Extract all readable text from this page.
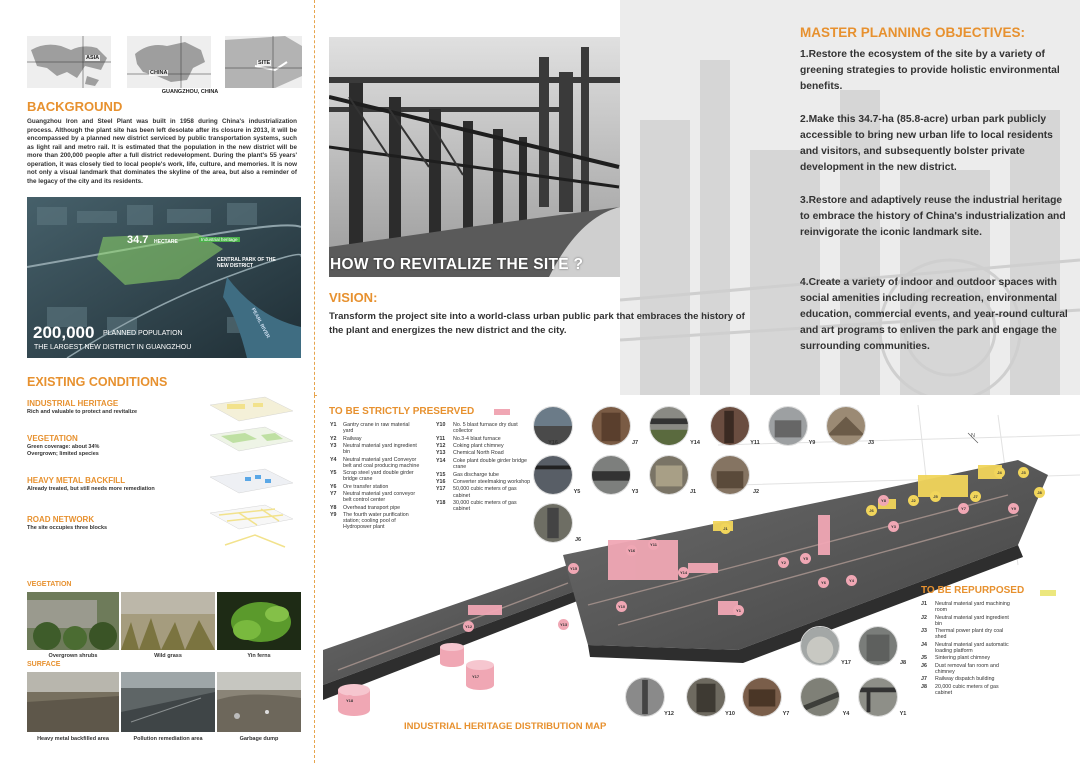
ASIA
CHINA
SITE
GUANGZHOU, CHINA
BACKGROUND
Guangzhou Iron and Steel Plant was built in 1958 during China's industrialization process. Although the plant site has been left desolate after its closure in 2013, it will be encompassed by a planned new district serviced by public transportation systems, such as light rail and metro rail. It is estimated that the population in the new district will be more than 200,000 people after a full district redevelopment. During the plant's 55 years' operation, it was closely tied to local people's work, life, culture, and memories. It is now not only a visual landmark that dominates the skyline of the area, but also a reminder of the legacy of the city and its residents.
34.7 HECTARE	Industrial heritage
CENTRAL PARK OF THE NEW DISTRICT
PEARL RIVER
200,000 PLANNED POPULATION
THE LARGEST NEW DISTRICT IN GUANGZHOU
EXISTING CONDITIONS
INDUSTRIAL HERITAGE
Rich and valuable to protect and revitalize
VEGETATION
Green coverage: about 34%
Overgrown; limited species
HEAVY METAL BACKFILL
Already treated, but still needs more remediation
ROAD NETWORK
The site occupies three blocks
VEGETATION
Overgrown shrubs	Wild grass	Yin ferns
SURFACE
Heavy metal backfilled area	Pollution remediation area	Garbage dump
HOW TO REVITALIZE THE SITE ?
VISION:
Transform the project site into a world-class urban public park that embraces the history of the plant and energizes the new district and the city.
MASTER PLANNING OBJECTIVES:
1.Restore the ecosystem of the site by a variety of greening strategies to provide holistic environmental benefits.
2.Make this 34.7-ha (85.8-acre) urban park publicly accessible to bring new urban life to local residents and visitors, and subsequently bolster private development in the new district.
3.Restore and adaptively reuse the industrial heritage to embrace the history of China's industrialization and reinvigorate the iconic landmark site.
4.Create a variety of indoor and outdoor spaces with social amenities including recreation, environmental education, commercial events, and year-round cultural and art programs to enliven the park and engage the surrounding communities.
TO BE STRICTLY PRESERVED
Y1	Gantry crane in raw material yard
Y2	Railway
Y3	Neutral material yard ingredient bin
Y4	Neutral material yard Conveyor belt and coal producing machine
Y5	Scrap steel yard double girder bridge crane
Y6	Ore transfer station
Y7	Neutral material yard conveyor belt control center
Y8	Overhead transport pipe
Y9	The fourth water purification station; cooling pool of Hydropower plant
Y10	No. 5 blast furnace dry dust collector
Y11	No.3-4 blast furnace
Y12	Coking plant chimney
Y13	Chemical North Road
Y14	Coke plant double girder bridge crane
Y15	Gas discharge tube
Y16	Converter steelmaking workshop
Y17	50,000 cubic meters of gas cabinet
Y18	30,000 cubic meters of gas cabinet
Y16	J7	Y14	Y11	Y9	J3
Y5	Y3	J1	J2
J6
N
Y16
Y14
Y11
Y9
Y5
Y3
Y18
Y17
Y12
Y10
Y7
Y4
Y1
Y2
Y6
Y8
Y13
Y15
J1
J2
J3
J4
J5
J6
J7
J8
INDUSTRIAL HERITAGE DISTRIBUTION MAP
TO BE REPURPOSED
J1	Neutral material yard machining room
J2	Neutral material yard ingredient bin
J3	Thermal power plant dry coal shed
J4	Neutral material yard automatic loading platform
J5	Sintering plant chimney
J6	Dust removal fan room and chimney
J7	Railway dispatch building
J8	20,000 cubic meters of gas cabinet
Y17	J8
Y12	Y10	Y7	Y4	Y1
